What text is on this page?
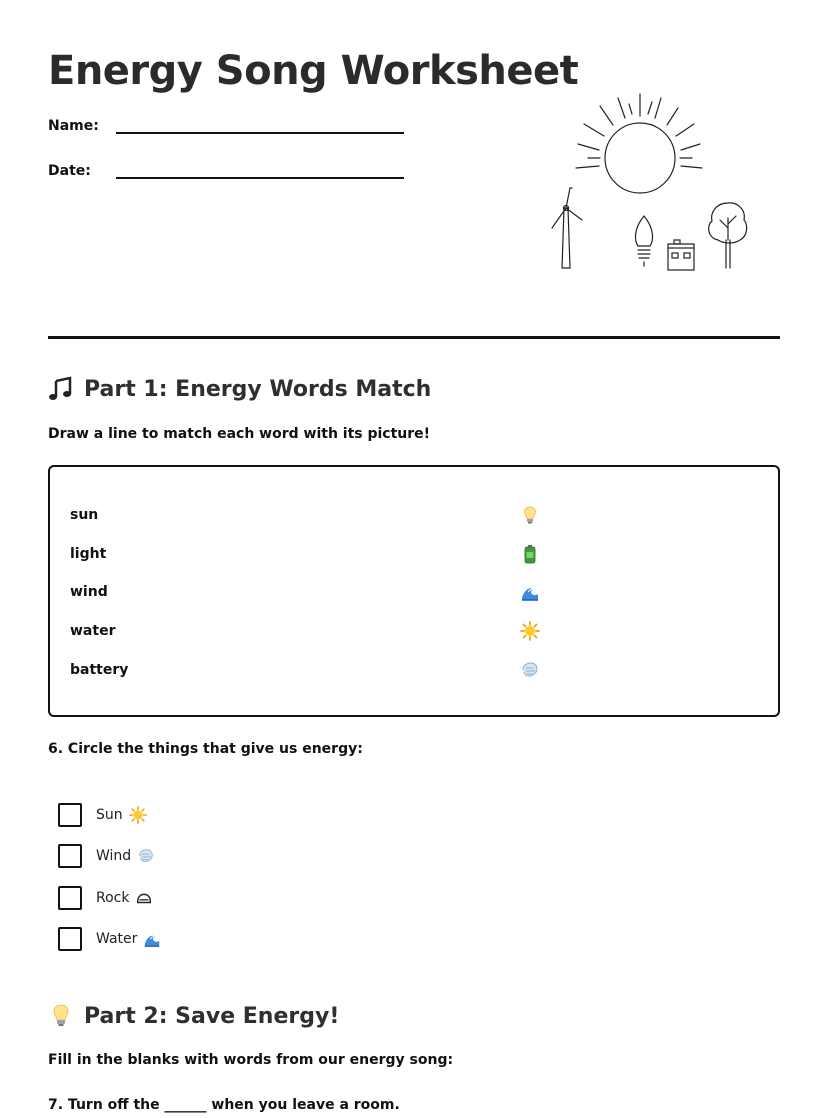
Energy Song Worksheet
Name:
Date:
Part 1: Energy Words Match
Draw a line to match each word with its picture!
sun
light
wind
water
battery
6. Circle the things that give us energy:
Sun
Wind
Rock
Water
Part 2: Save Energy!
Fill in the blanks with words from our energy song:
7. Turn off the ______ when you leave a room.
